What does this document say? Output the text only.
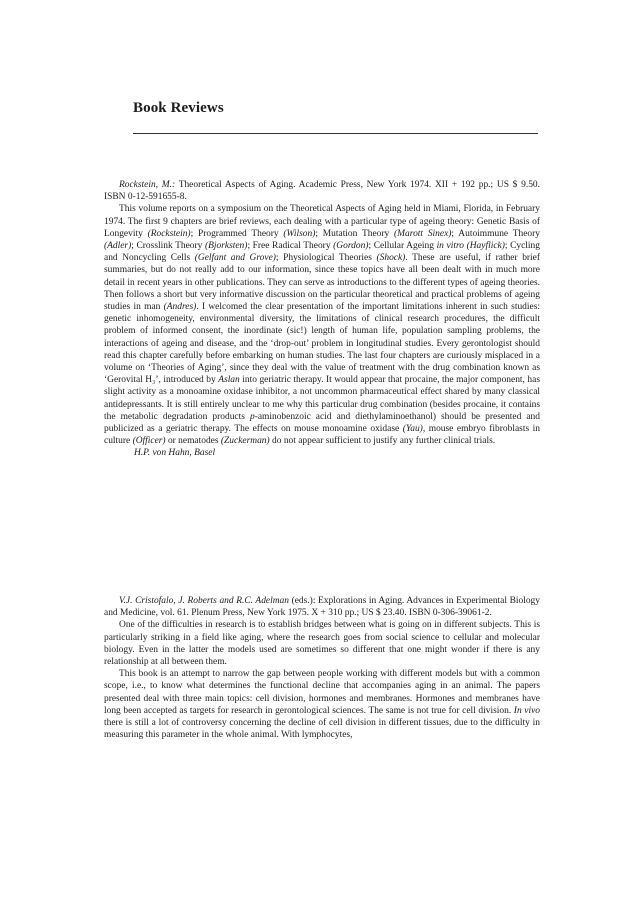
Book Reviews

Rockstein, M.: Theoretical Aspects of Aging. Academic Press, New York 1974. XII + 192 pp.; US $ 9.50. ISBN 0-12-591655-8.

This volume reports on a symposium on the Theoretical Aspects of Aging held in Miami, Florida, in February 1974. The first 9 chapters are brief reviews, each dealing with a particular type of ageing theory: Genetic Basis of Longevity (Rockstein); Programmed Theory (Wilson); Mutation Theory (Marott Sinex); Autoimmune Theory (Adler); Crosslink Theory (Bjorksten); Free Radical Theory (Gordon); Cellular Ageing in vitro (Hayflick); Cycling and Noncycling Cells (Gelfant and Grove); Physiological Theories (Shock). These are useful, if rather brief summaries, but do not really add to our information, since these topics have all been dealt with in much more detail in recent years in other publications. They can serve as introductions to the different types of ageing theories. Then follows a short but very informative discussion on the particular theoretical and practical problems of ageing studies in man (Andres). I welcomed the clear presentation of the important limitations inherent in such studies: genetic inhomogeneity, environmental diversity, the limitations of clinical research procedures, the difficult problem of informed consent, the inordinate (sic!) length of human life, population sampling problems, the interactions of ageing and disease, and the ‘drop-out’ problem in longitudinal studies. Every gerontologist should read this chapter carefully before embarking on human studies. The last four chapters are curiously misplaced in a volume on ‘Theories of Aging’, since they deal with the value of treatment with the drug combination known as ‘Gerovital H₃’, introduced by Aslan into geriatric therapy. It would appear that procaine, the major component, has slight activity as a monoamine oxidase inhibitor, a not uncommon pharmaceutical effect shared by many classical antidepressants. It is still entirely unclear to me why this particular drug combination (besides procaine, it contains the metabolic degradation products p-aminobenzoic acid and diethylaminoethanol) should be presented and publicized as a geriatric therapy. The effects on mouse monoamine oxidase (Yau), mouse embryo fibroblasts in culture (Officer) or nematodes (Zuckerman) do not appear sufficient to justify any further clinical trials.

H.P. von Hahn, Basel

V.J. Cristofalo, J. Roberts and R.C. Adelman (eds.): Explorations in Aging. Advances in Experimental Biology and Medicine, vol. 61. Plenum Press, New York 1975. X + 310 pp.; US $ 23.40. ISBN 0-306-39061-2.

One of the difficulties in research is to establish bridges between what is going on in different subjects. This is particularly striking in a field like aging, where the research goes from social science to cellular and molecular biology. Even in the latter the models used are sometimes so different that one might wonder if there is any relationship at all between them.

This book is an attempt to narrow the gap between people working with different models but with a common scope, i.e., to know what determines the functional decline that accompanies aging in an animal. The papers presented deal with three main topics: cell division, hormones and membranes. Hormones and membranes have long been accepted as targets for research in gerontological sciences. The same is not true for cell division. In vivo there is still a lot of controversy concerning the decline of cell division in different tissues, due to the difficulty in measuring this parameter in the whole animal. With lymphocytes,
